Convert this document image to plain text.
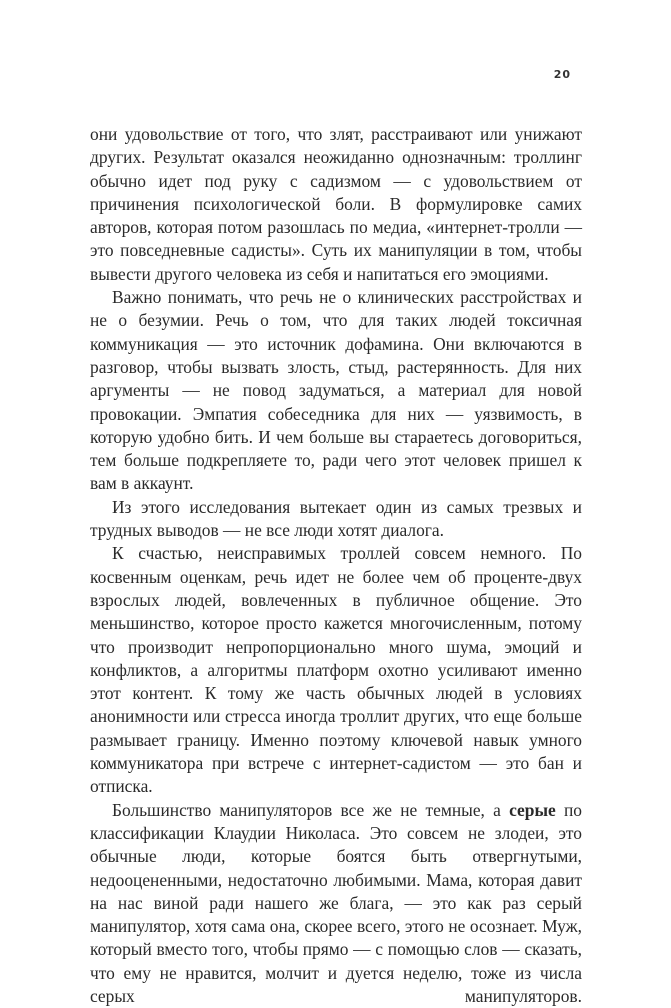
20

они удовольствие от того, что злят, расстраивают или унижают других. Результат оказался неожиданно однозначным: троллинг обычно идет под руку с садизмом — с удовольствием от причинения психологической боли. В формулировке самих авторов, которая потом разошлась по медиа, «интернет-тролли — это повседневные садисты». Суть их манипуляции в том, чтобы вывести другого человека из себя и напитаться его эмоциями.

Важно понимать, что речь не о клинических расстройствах и не о безумии. Речь о том, что для таких людей токсичная коммуникация — это источник дофамина. Они включаются в разговор, чтобы вызвать злость, стыд, растерянность. Для них аргументы — не повод задуматься, а материал для новой провокации. Эмпатия собеседника для них — уязвимость, в которую удобно бить. И чем больше вы стараетесь договориться, тем больше подкрепляете то, ради чего этот человек пришел к вам в аккаунт.

Из этого исследования вытекает один из самых трезвых и трудных выводов — не все люди хотят диалога.

К счастью, неисправимых троллей совсем немного. По косвенным оценкам, речь идет не более чем об проценте-двух взрослых людей, вовлеченных в публичное общение. Это меньшинство, которое просто кажется многочисленным, потому что производит непропорционально много шума, эмоций и конфликтов, а алгоритмы платформ охотно усиливают именно этот контент. К тому же часть обычных людей в условиях анонимности или стресса иногда троллит других, что еще больше размывает границу. Именно поэтому ключевой навык умного коммуникатора при встрече с интернет-садистом — это бан и отписка.

Большинство манипуляторов все же не темные, а серые по классификации Клаудии Николаса. Это совсем не злодеи, это обычные люди, которые боятся быть отвергнутыми, недооцененными, недостаточно любимыми. Мама, которая давит на нас виной ради нашего же блага, — это как раз серый манипулятор, хотя сама она, скорее всего, этого не осознает. Муж, который вместо того, чтобы прямо — с помощью слов — сказать, что ему не нравится, молчит и дуется неделю, тоже из числа серых манипуляторов.
